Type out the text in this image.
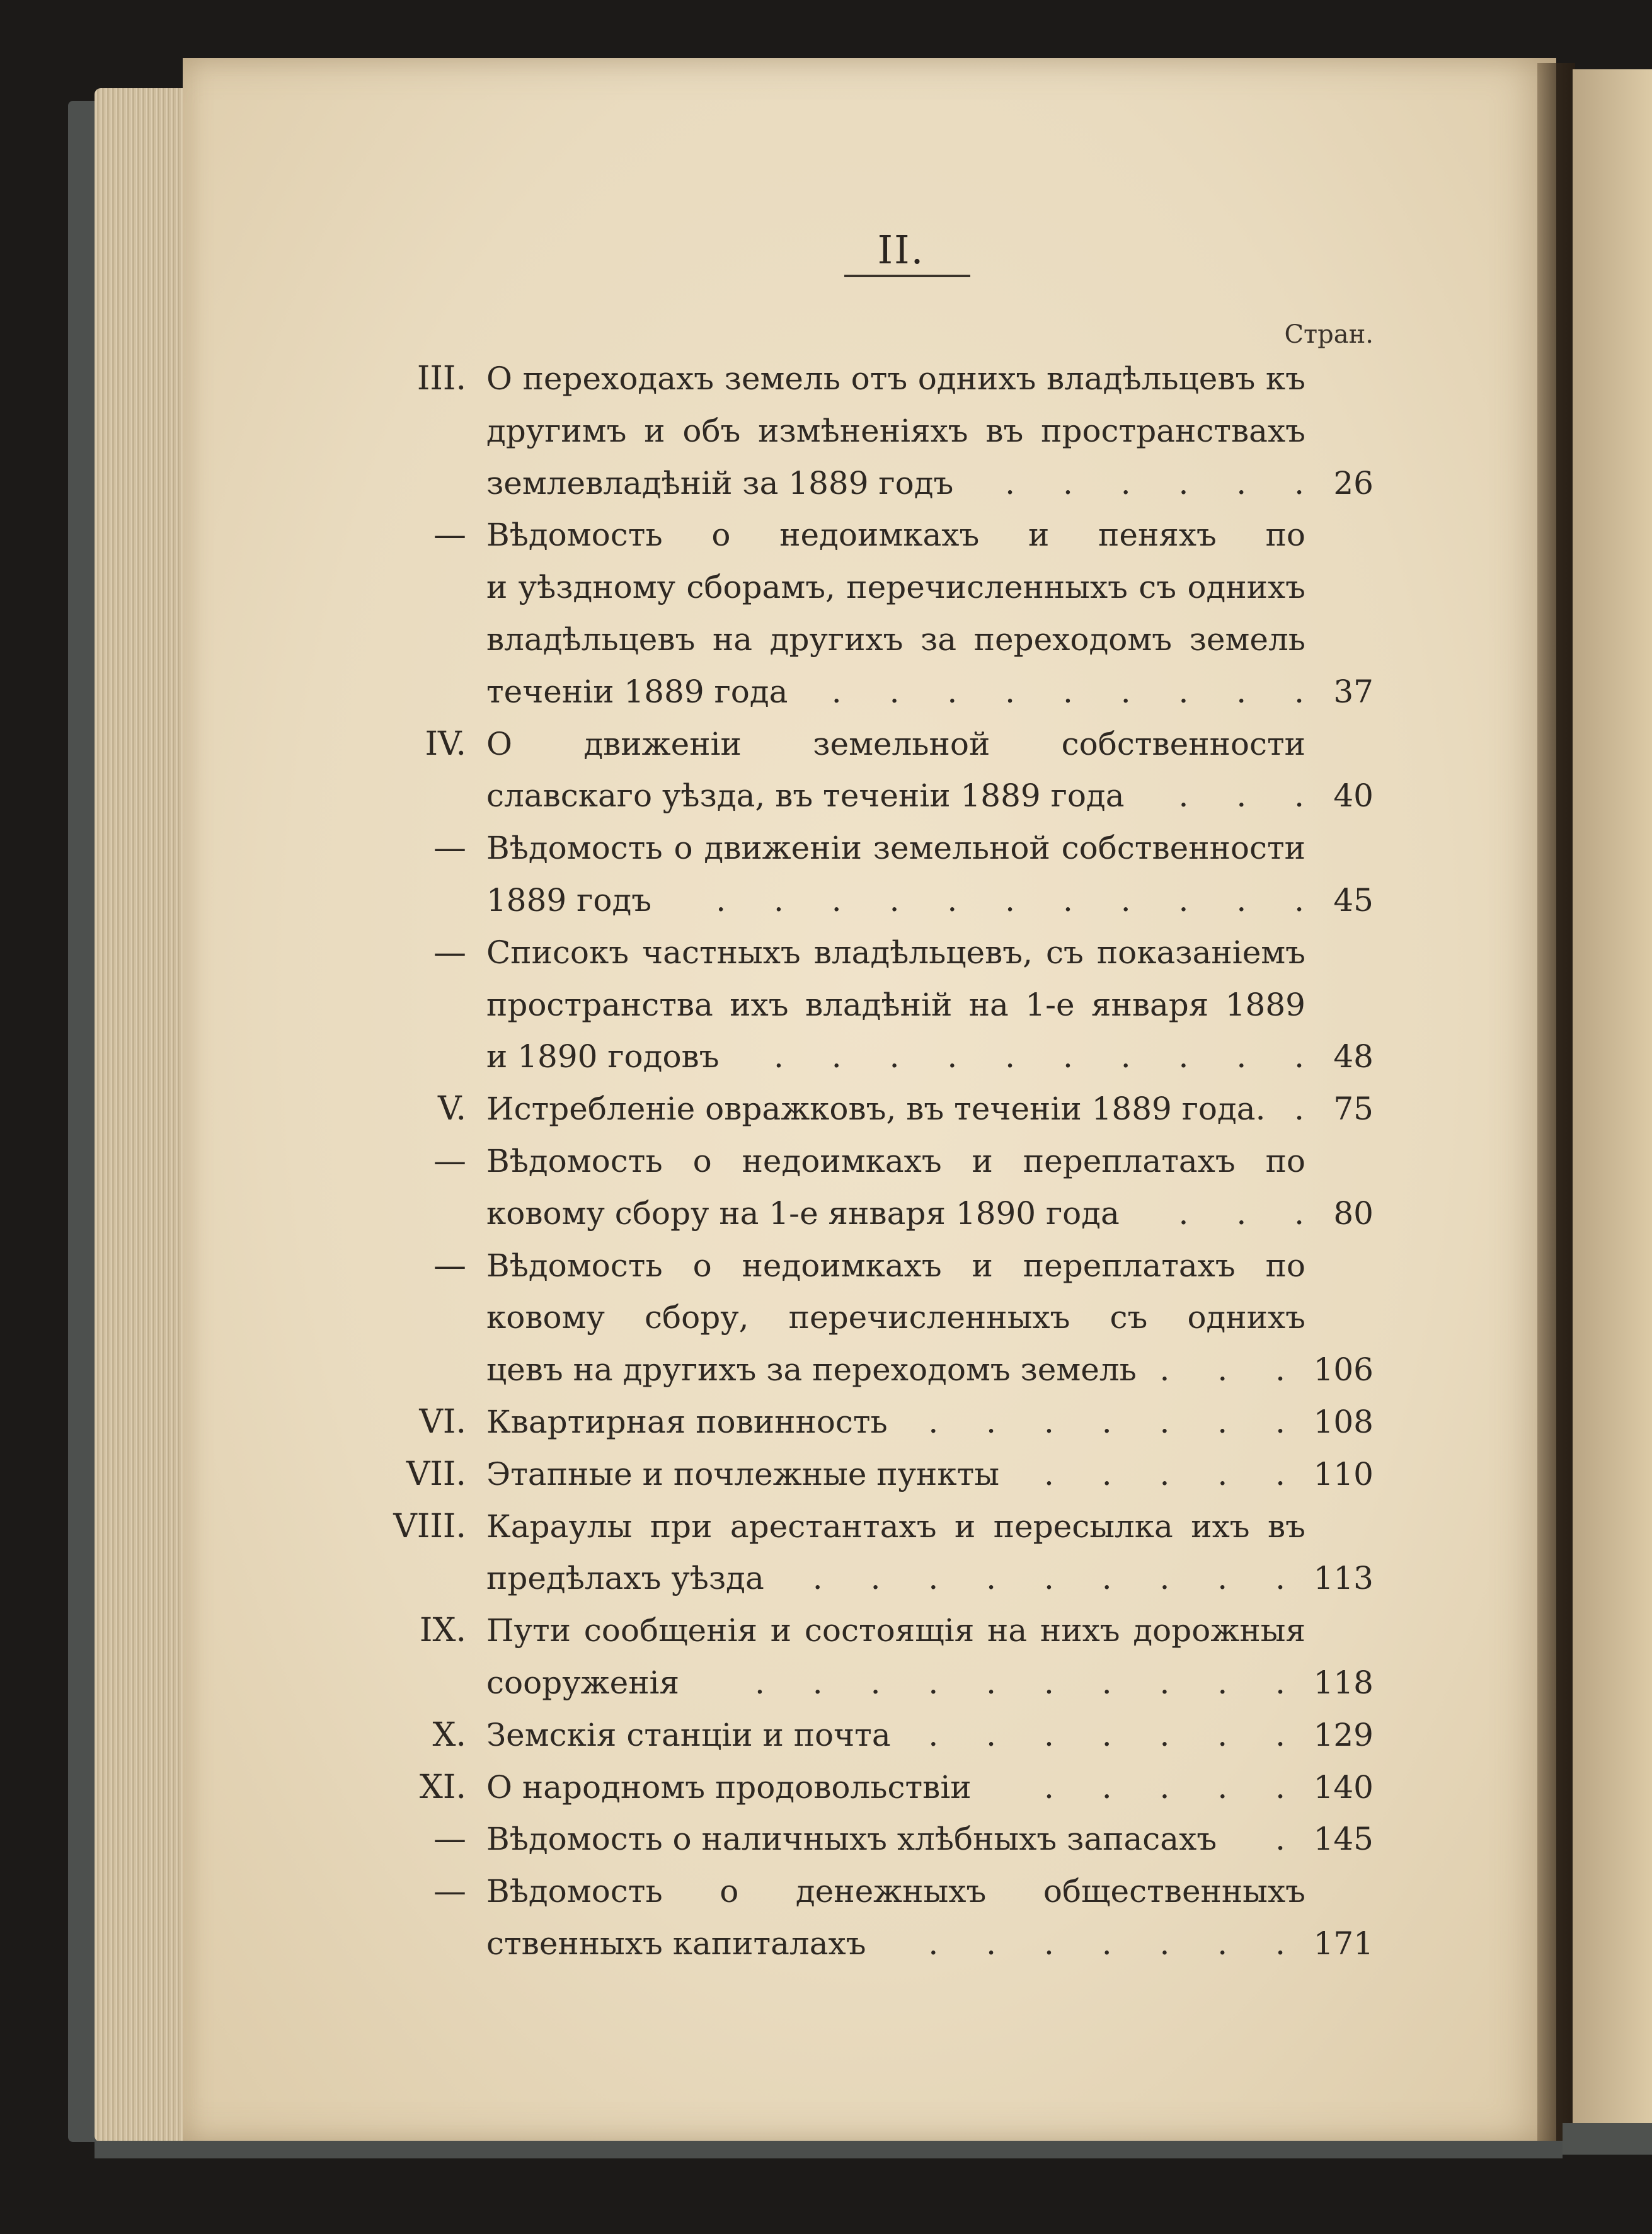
II.
Стран.
III. О переходахъ земель отъ однихъ владѣльцевъ къ
другимъ и объ измѣненiяхъ въ пространствахъ
землевладѣнiй за 1889 годъ	26
. . . . . .
— Вѣдомость о недоимкахъ и пеняхъ по
и уѣздному сборамъ, перечисленныхъ съ однихъ
владѣльцевъ на другихъ за переходомъ земель
теченiи 1889 года	37
. . . . . . . . .
IV. О движенiи земельной собственности
славскаго уѣзда, въ теченiи 1889 года	40
. . .
— Вѣдомость о движенiи земельной собственности
1889 годъ	45
. . . . . . . . . . .
— Списокъ частныхъ владѣльцевъ, съ показанiемъ
пространства ихъ владѣнiй на 1-е января 1889
и 1890 годовъ	48
. . . . . . . . . .
V. Истребленiе овражковъ, въ теченiи 1889 года.	75
.
— Вѣдомость о недоимкахъ и переплатахъ по
ковому сбору на 1-е января 1890 года	80
. . .
— Вѣдомость о недоимкахъ и переплатахъ по
ковому сбору, перечисленныхъ съ однихъ
цевъ на другихъ за переходомъ земель	106
. . .
VI. Квартирная повинность	108
. . . . . . .
VII. Этапные и почлежные пункты	110
. . . . .
VIII. Караулы при арестантахъ и пересылка ихъ въ
предѣлахъ уѣзда	113
. . . . . . . . .
IX. Пути сообщенiя и состоящiя на нихъ дорожныя
сооруженiя	118
. . . . . . . . . .
X. Земскiя станцiи и почта	129
. . . . . . .
XI. О народномъ продовольствiи	140
. . . . .
— Вѣдомость о наличныхъ хлѣбныхъ запасахъ	145
.
— Вѣдомость о денежныхъ общественныхъ
ственныхъ капиталахъ	171
. . . . . . .
